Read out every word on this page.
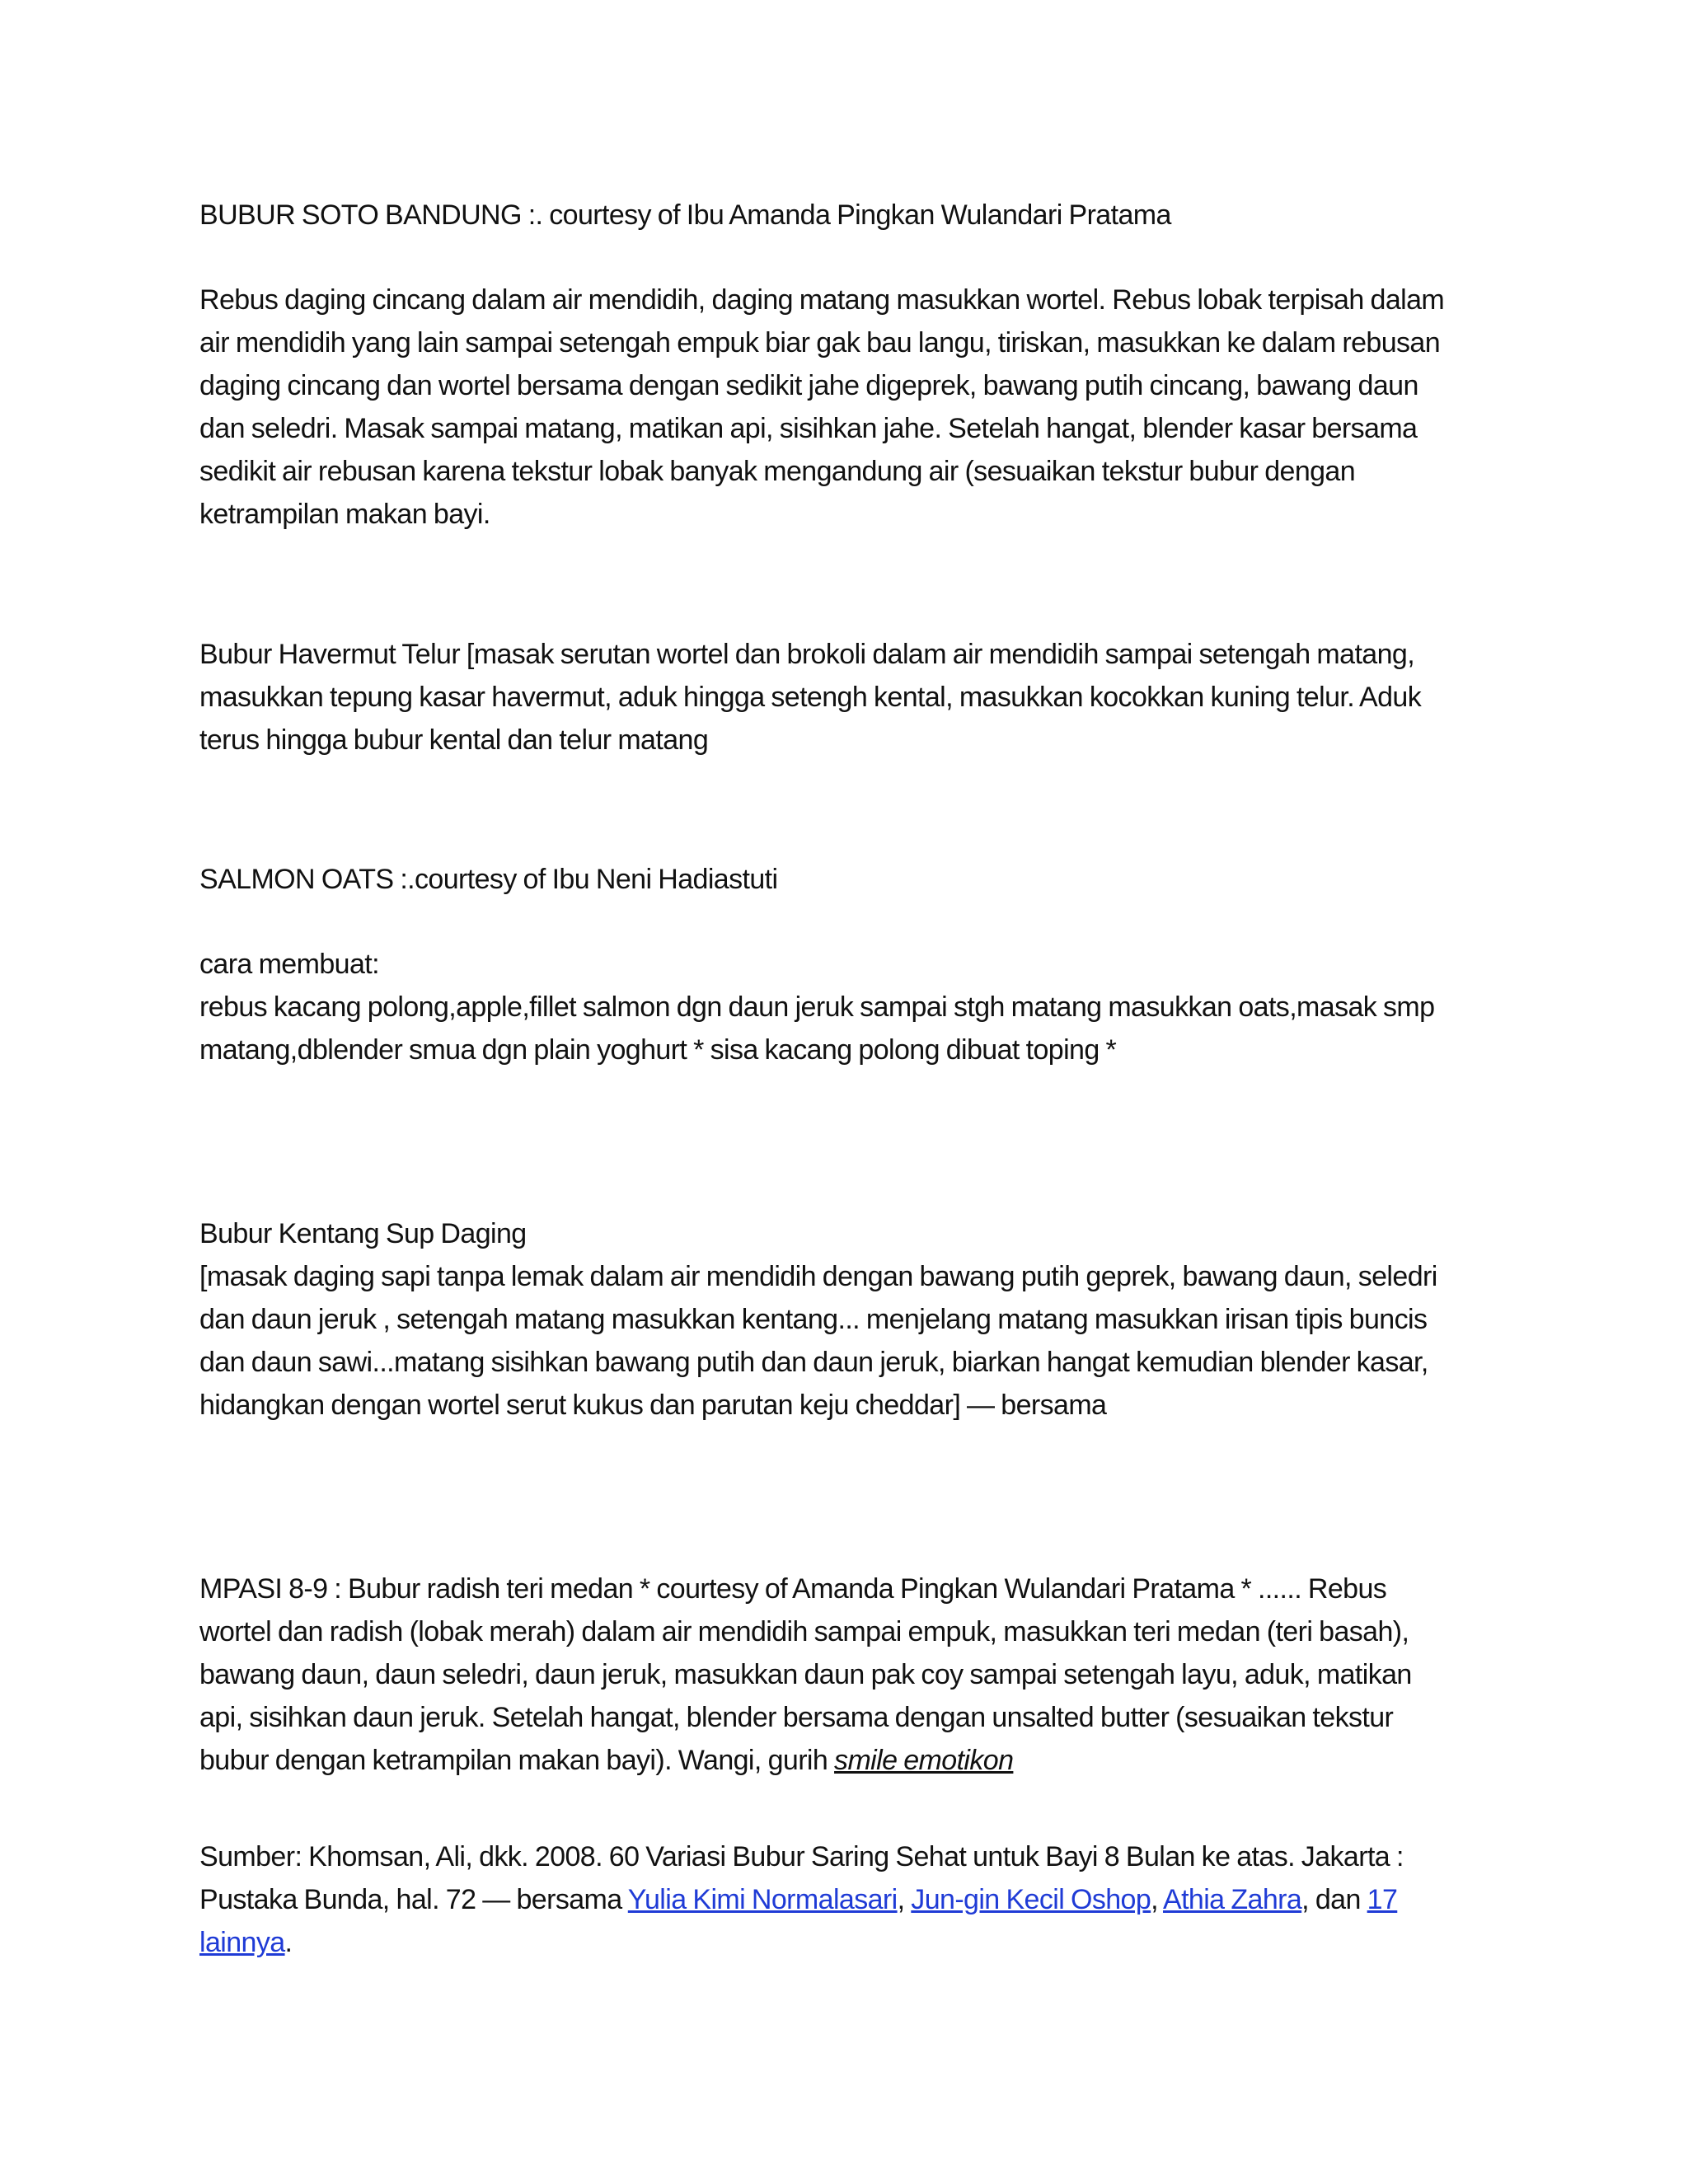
BUBUR SOTO BANDUNG :. courtesy of Ibu Amanda Pingkan Wulandari Pratama
Rebus daging cincang dalam air mendidih, daging matang masukkan wortel. Rebus lobak terpisah dalam
air mendidih yang lain sampai setengah empuk biar gak bau langu, tiriskan, masukkan ke dalam rebusan
daging cincang dan wortel bersama dengan sedikit jahe digeprek, bawang putih cincang, bawang daun
dan seledri. Masak sampai matang, matikan api, sisihkan jahe. Setelah hangat, blender kasar bersama
sedikit air rebusan karena tekstur lobak banyak mengandung air (sesuaikan tekstur bubur dengan
ketrampilan makan bayi.
Bubur Havermut Telur [masak serutan wortel dan brokoli dalam air mendidih sampai setengah matang,
masukkan tepung kasar havermut, aduk hingga setengh kental, masukkan kocokkan kuning telur. Aduk
terus hingga bubur kental dan telur matang
SALMON OATS :.courtesy of Ibu Neni Hadiastuti
cara membuat:
rebus kacang polong,apple,fillet salmon dgn daun jeruk sampai stgh matang masukkan oats,masak smp
matang,dblender smua dgn plain yoghurt * sisa kacang polong dibuat toping *
Bubur Kentang Sup Daging
[masak daging sapi tanpa lemak dalam air mendidih dengan bawang putih geprek, bawang daun, seledri
dan daun jeruk , setengah matang masukkan kentang... menjelang matang masukkan irisan tipis buncis
dan daun sawi...matang sisihkan bawang putih dan daun jeruk, biarkan hangat kemudian blender kasar,
hidangkan dengan wortel serut kukus dan parutan keju cheddar] — bersama
MPASI 8-9 : Bubur radish teri medan * courtesy of Amanda Pingkan Wulandari Pratama * ...... Rebus
wortel dan radish (lobak merah) dalam air mendidih sampai empuk, masukkan teri medan (teri basah),
bawang daun, daun seledri, daun jeruk, masukkan daun pak coy sampai setengah layu, aduk, matikan
api, sisihkan daun jeruk. Setelah hangat, blender bersama dengan unsalted butter (sesuaikan tekstur
bubur dengan ketrampilan makan bayi). Wangi, gurih smile emotikon
Sumber: Khomsan, Ali, dkk. 2008. 60 Variasi Bubur Saring Sehat untuk Bayi 8 Bulan ke atas. Jakarta :
Pustaka Bunda, hal. 72 — bersama Yulia Kimi Normalasari, Jun-gin Kecil Oshop, Athia Zahra, dan 17
lainnya.
